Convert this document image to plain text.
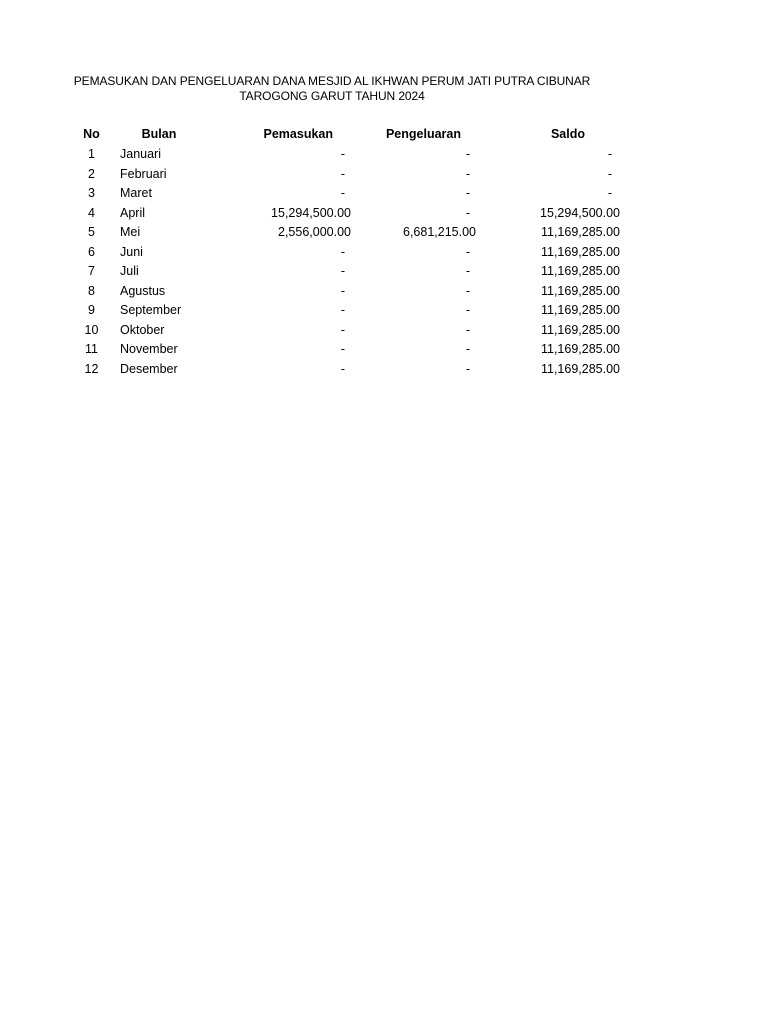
PEMASUKAN DAN PENGELUARAN DANA MESJID AL IKHWAN PERUM JATI PUTRA CIBUNAR
TAROGONG GARUT TAHUN 2024
No	Bulan	Pemasukan	Pengeluaran	Saldo
1	Januari	-	-	-
2	Februari	-	-	-
3	Maret	-	-	-
4	April	15,294,500.00	-	15,294,500.00
5	Mei	2,556,000.00	6,681,215.00	11,169,285.00
6	Juni	-	-	11,169,285.00
7	Juli	-	-	11,169,285.00
8	Agustus	-	-	11,169,285.00
9	September	-	-	11,169,285.00
10	Oktober	-	-	11,169,285.00
11	November	-	-	11,169,285.00
12	Desember	-	-	11,169,285.00
